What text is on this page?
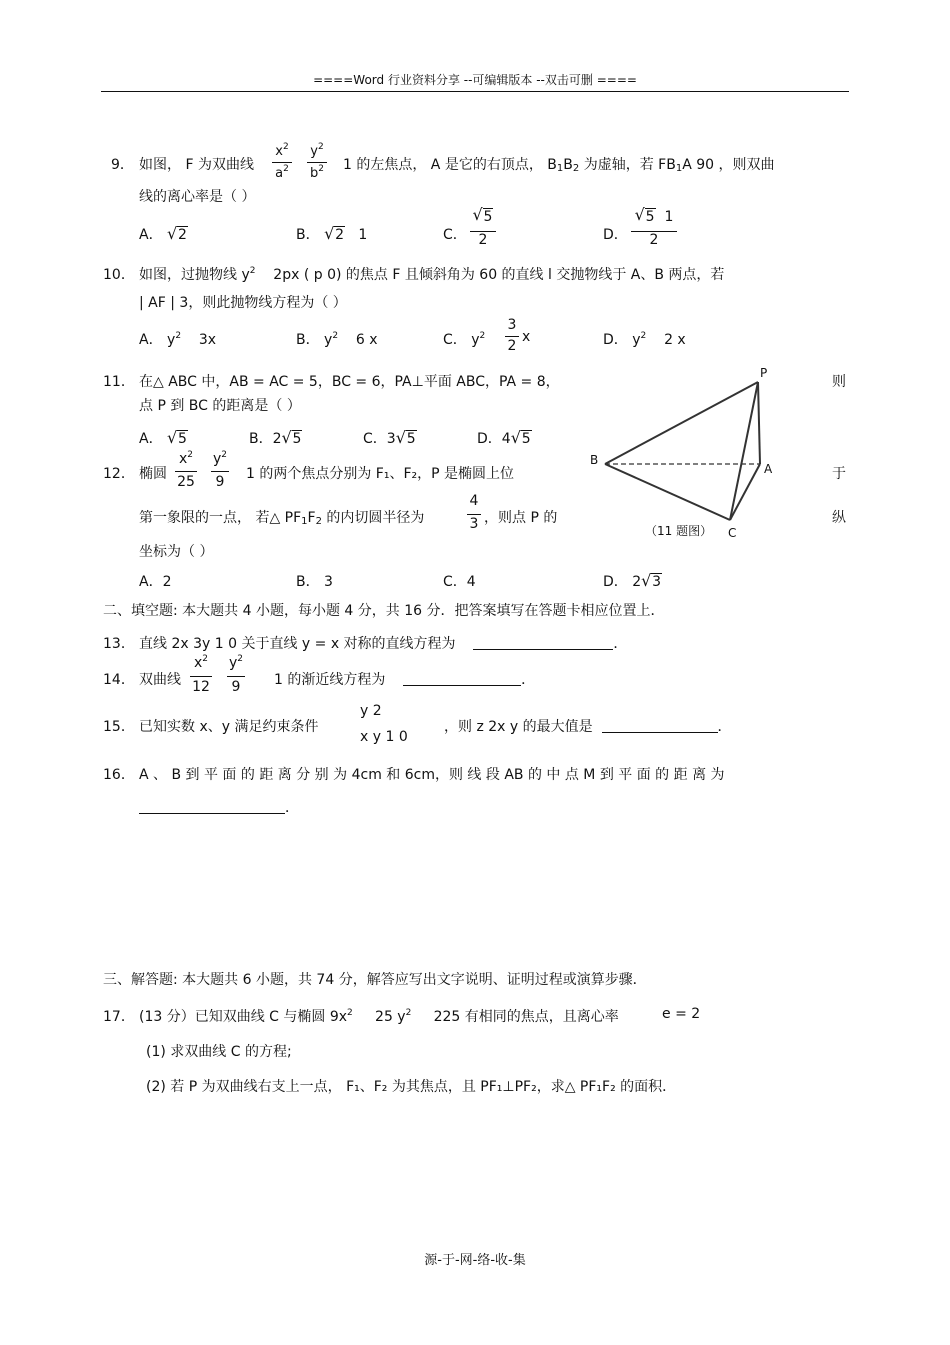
====Word 行业资料分享 --可编辑版本 --双击可删 ====
9． 如图， F 为双曲线
$x^2$
$a^2$
$y^2$
$b^2$ 1 的左焦点， A 是它的右顶点， $B_1B_2$ 为虚轴，若 $FB_1A$ 90 ，则双曲
线的离心率是（ ）
A． √ 2	B． √ 2 1	C．
√ 5
2	D．
√ 5 1
2
10． 如图，过抛物线 $y^2$ 2px ( p 0) 的焦点 F 且倾斜角为 60 的直线 l 交抛物线于 A、B 两点，若
| AF | 3，则此抛物线方程为（ ）
A． $y^2$ 3x	B． $y^2$ 6 x	C． $y^2$
3
2
x	D． $y^2$ 2 x
11． 在△ ABC 中，AB = AC = 5，BC = 6，PA⊥平面 ABC，PA = 8，	则
点 P 到 BC 的距离是（ ）
A． √ 5	B．2 √ 5	C．3 √ 5	D．4 √ 5
P
A
B
C
（11 题图）
12． 椭圆
$x^2$
25
$y^2$
9	1 的两个焦点分别为 F₁、F₂，P 是椭圆上位	于
第一象限的一点， 若△ $PF_1F_2$ 的内切圆半径为
4
3 ，则点 P 的	纵
坐标为（ ）
A．2	B． 3	C．4	D． 2 √ 3
二、填空题: 本大题共 4 小题，每小题 4 分，共 16 分．把答案填写在答题卡相应位置上．
13． 直线 2x 3y 1 0 关于直线 y = x 对称的直线方程为	．
14． 双曲线
$x^2$
12
$y^2$
9	1 的渐近线方程为	．
15． 已知实数 x、y 满足约束条件
y 2
x y 1 0
，则 z 2x y 的最大值是	．
16． A 、 B 到 平 面 的 距 离 分 别 为 4cm 和 6cm，则 线 段 AB 的 中 点 M 到 平 面 的 距 离 为
．
三、解答题: 本大题共 6 小题，共 74 分，解答应写出文字说明、证明过程或演算步骤．
17． (13 分）已知双曲线 C 与椭圆 $9x^2$ 25 $y^2$ 225 有相同的焦点，且离心率	e = 2
(1) 求双曲线 C 的方程;
(2) 若 P 为双曲线右支上一点， F₁、F₂ 为其焦点，且 PF₁⊥PF₂，求△ PF₁F₂ 的面积．
源-于-网-络-收-集
